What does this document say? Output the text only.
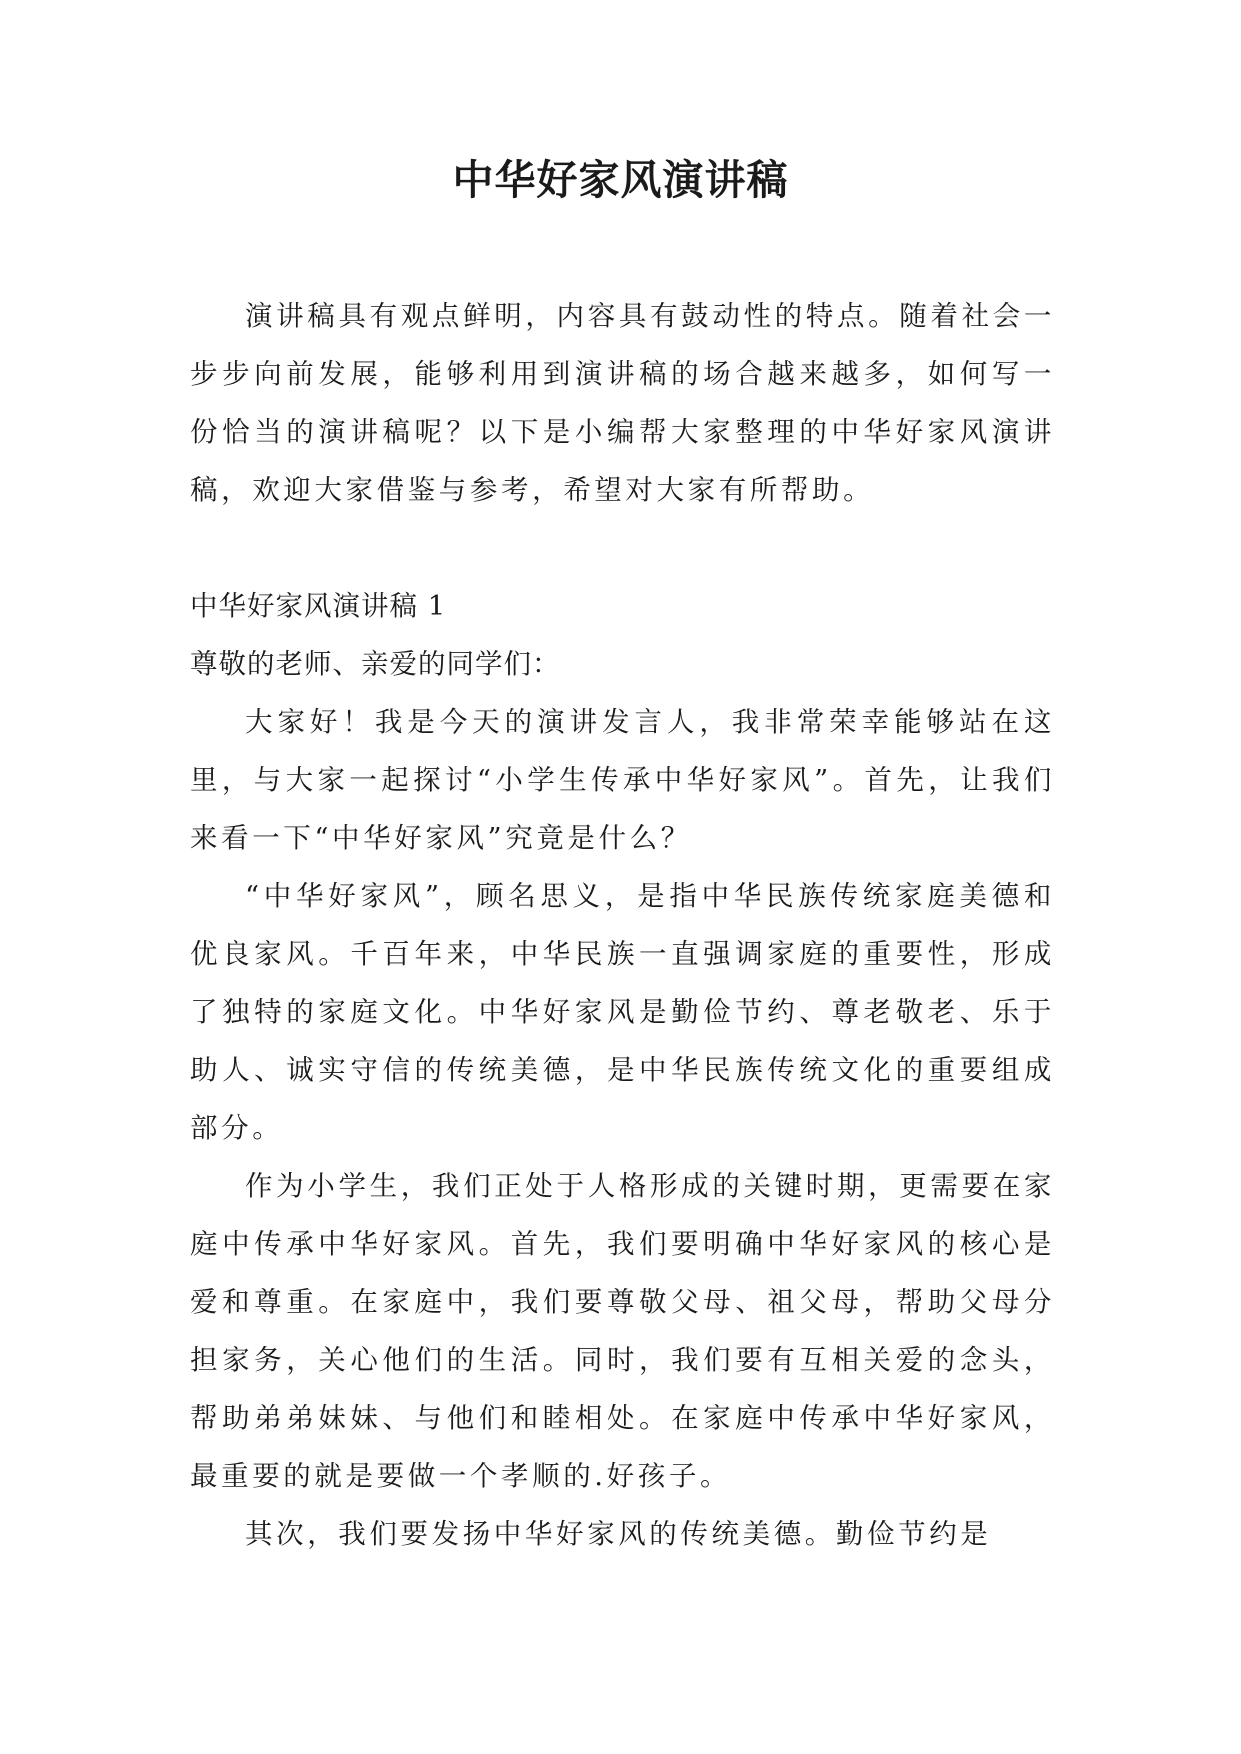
中华好家风演讲稿

演讲稿具有观点鲜明，内容具有鼓动性的特点。随着社会一步步向前发展，能够利用到演讲稿的场合越来越多，如何写一份恰当的演讲稿呢？以下是小编帮大家整理的中华好家风演讲稿，欢迎大家借鉴与参考，希望对大家有所帮助。

中华好家风演讲稿 1

尊敬的老师、亲爱的同学们：

大家好！我是今天的演讲发言人，我非常荣幸能够站在这里，与大家一起探讨“小学生传承中华好家风”。首先，让我们来看一下“中华好家风”究竟是什么？

“中华好家风”，顾名思义，是指中华民族传统家庭美德和优良家风。千百年来，中华民族一直强调家庭的重要性，形成了独特的家庭文化。中华好家风是勤俭节约、尊老敬老、乐于助人、诚实守信的传统美德，是中华民族传统文化的重要组成部分。

作为小学生，我们正处于人格形成的关键时期，更需要在家庭中传承中华好家风。首先，我们要明确中华好家风的核心是爱和尊重。在家庭中，我们要尊敬父母、祖父母，帮助父母分担家务，关心他们的生活。同时，我们要有互相关爱的念头，帮助弟弟妹妹、与他们和睦相处。在家庭中传承中华好家风，最重要的就是要做一个孝顺的.好孩子。

其次，我们要发扬中华好家风的传统美德。勤俭节约是
